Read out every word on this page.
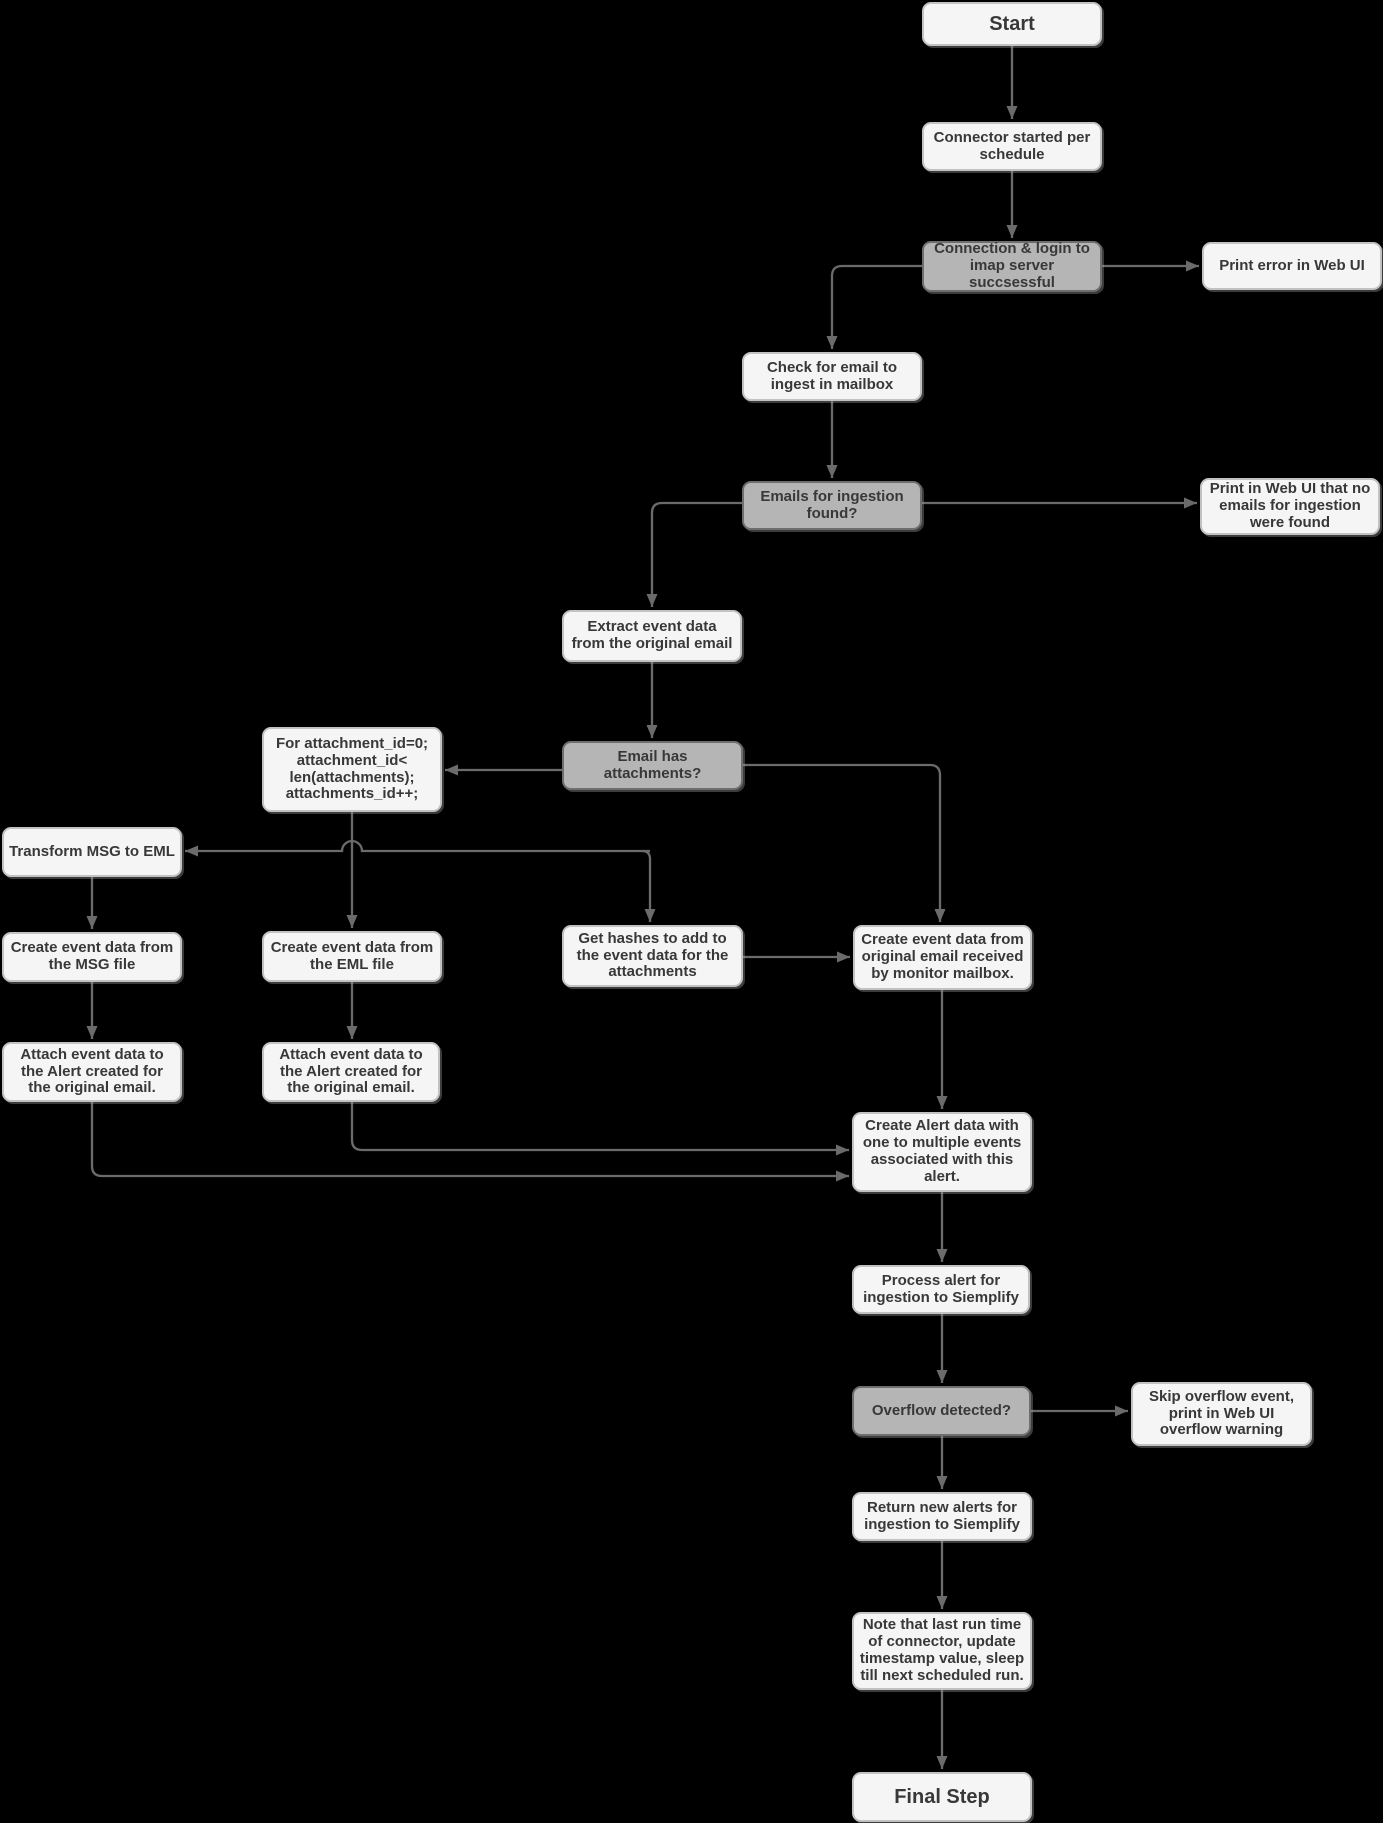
Start
Connector started per schedule
Connection & login to imap server succsessful
Print error in Web UI
Check for email to ingest in mailbox
Emails for ingestion found?
Print in Web UI that no emails for ingestion were found
Extract event data from the original email
For attachment_id=0; attachment_id< len(attachments); attachments_id++;
Email has attachments?
Transform MSG to EML
Create event data from the MSG file
Create event data from the EML file
Get hashes to add to the event data for the attachments
Create event data from original email received by monitor mailbox.
Attach event data to the Alert created for the original email.
Attach event data to the Alert created for the original email.
Create Alert data with one to multiple events associated with this alert.
Process alert for ingestion to Siemplify
Overflow detected?
Skip overflow event, print in Web UI overflow warning
Return new alerts for ingestion to Siemplify
Note that last run time of connector, update timestamp value, sleep till next scheduled run.
Final Step
